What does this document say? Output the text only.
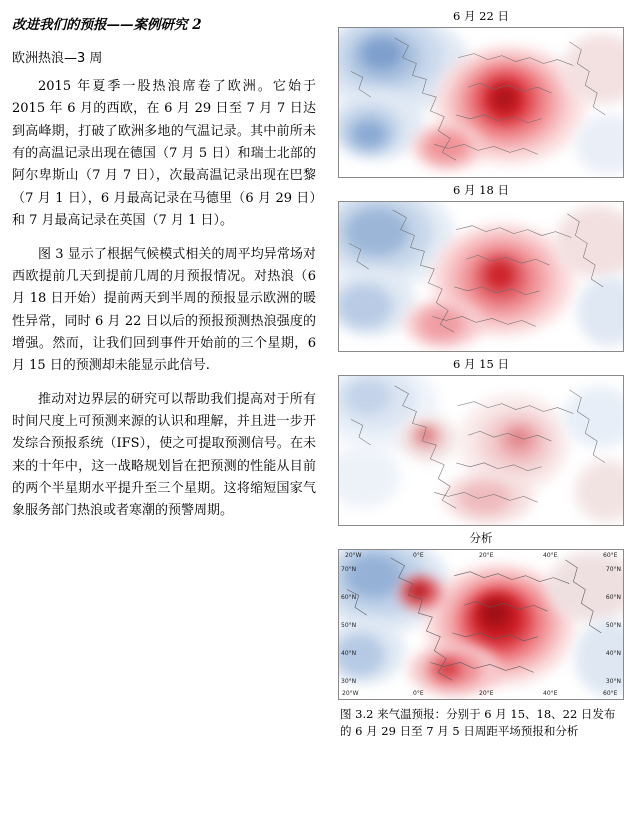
改进我们的预报——案例研究 2
欧洲热浪—3 周

2015 年夏季一股热浪席卷了欧洲。它始于 2015 年 6 月的西欧，在 6 月 29 日至 7 月 7 日达到高峰期，打破了欧洲多地的气温记录。其中前所未有的高温记录出现在德国（7 月 5 日）和瑞士北部的阿尔卑斯山（7 月 7 日），次最高温记录出现在巴黎（7 月 1 日），6 月最高记录在马德里（6 月 29 日）和 7 月最高记录在英国（7 月 1 日）。

图 3 显示了根据气候模式相关的周平均异常场对西欧提前几天到提前几周的月预报情况。对热浪（6 月 18 日开始）提前两天到半周的预报显示欧洲的暖性异常，同时 6 月 22 日以后的预报预测热浪强度的增强。然而，让我们回到事件开始前的三个星期，6 月 15 日的预测却未能显示此信号.

推动对边界层的研究可以帮助我们提高对于所有时间尺度上可预测来源的认识和理解，并且进一步开发综合预报系统（IFS），使之可提取预测信号。在未来的十年中，这一战略规划旨在把预测的性能从目前的两个半星期水平提升至三个星期。这将缩短国家气象服务部门热浪或者寒潮的预警周期。

6 月 22 日
6 月 18 日
6 月 15 日
分析
20°W	0°E	20°E	40°E	60°E
20°W	0°E	20°E	40°E	60°E
70°N
60°N
50°N
40°N
30°N
70°N
60°N
50°N
40°N
30°N
图 3.2 来气温预报：分别于 6 月 15、18、22 日发布
的 6 月 29 日至 7 月 5 日周距平场预报和分析
